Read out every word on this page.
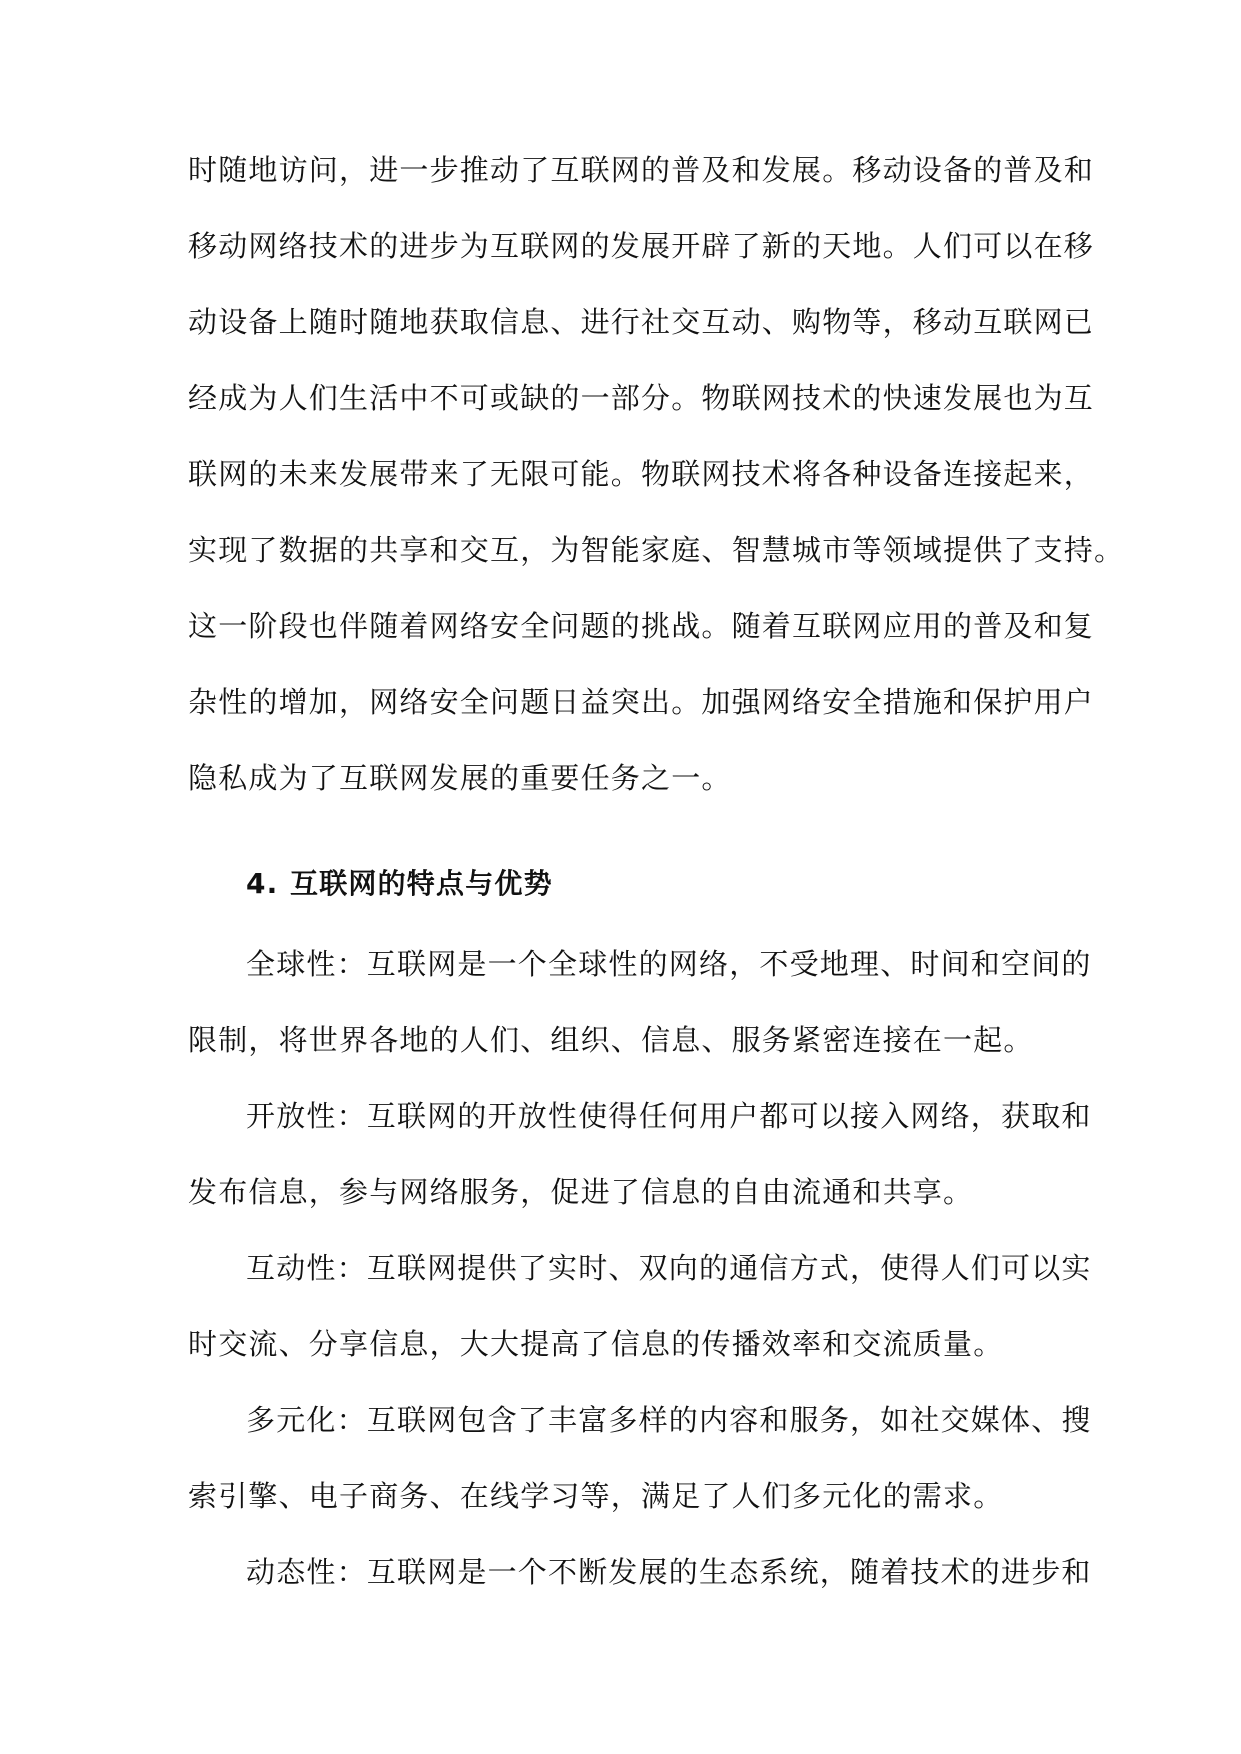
时随地访问，进一步推动了互联网的普及和发展。移动设备的普及和
移动网络技术的进步为互联网的发展开辟了新的天地。人们可以在移
动设备上随时随地获取信息、进行社交互动、购物等，移动互联网已
经成为人们生活中不可或缺的一部分。物联网技术的快速发展也为互
联网的未来发展带来了无限可能。物联网技术将各种设备连接起来，
实现了数据的共享和交互，为智能家庭、智慧城市等领域提供了支持。
这一阶段也伴随着网络安全问题的挑战。随着互联网应用的普及和复
杂性的增加，网络安全问题日益突出。加强网络安全措施和保护用户
隐私成为了互联网发展的重要任务之一。
4. 互联网的特点与优势
全球性：互联网是一个全球性的网络，不受地理、时间和空间的
限制，将世界各地的人们、组织、信息、服务紧密连接在一起。
开放性：互联网的开放性使得任何用户都可以接入网络，获取和
发布信息，参与网络服务，促进了信息的自由流通和共享。
互动性：互联网提供了实时、双向的通信方式，使得人们可以实
时交流、分享信息，大大提高了信息的传播效率和交流质量。
多元化：互联网包含了丰富多样的内容和服务，如社交媒体、搜
索引擎、电子商务、在线学习等，满足了人们多元化的需求。
动态性：互联网是一个不断发展的生态系统，随着技术的进步和
